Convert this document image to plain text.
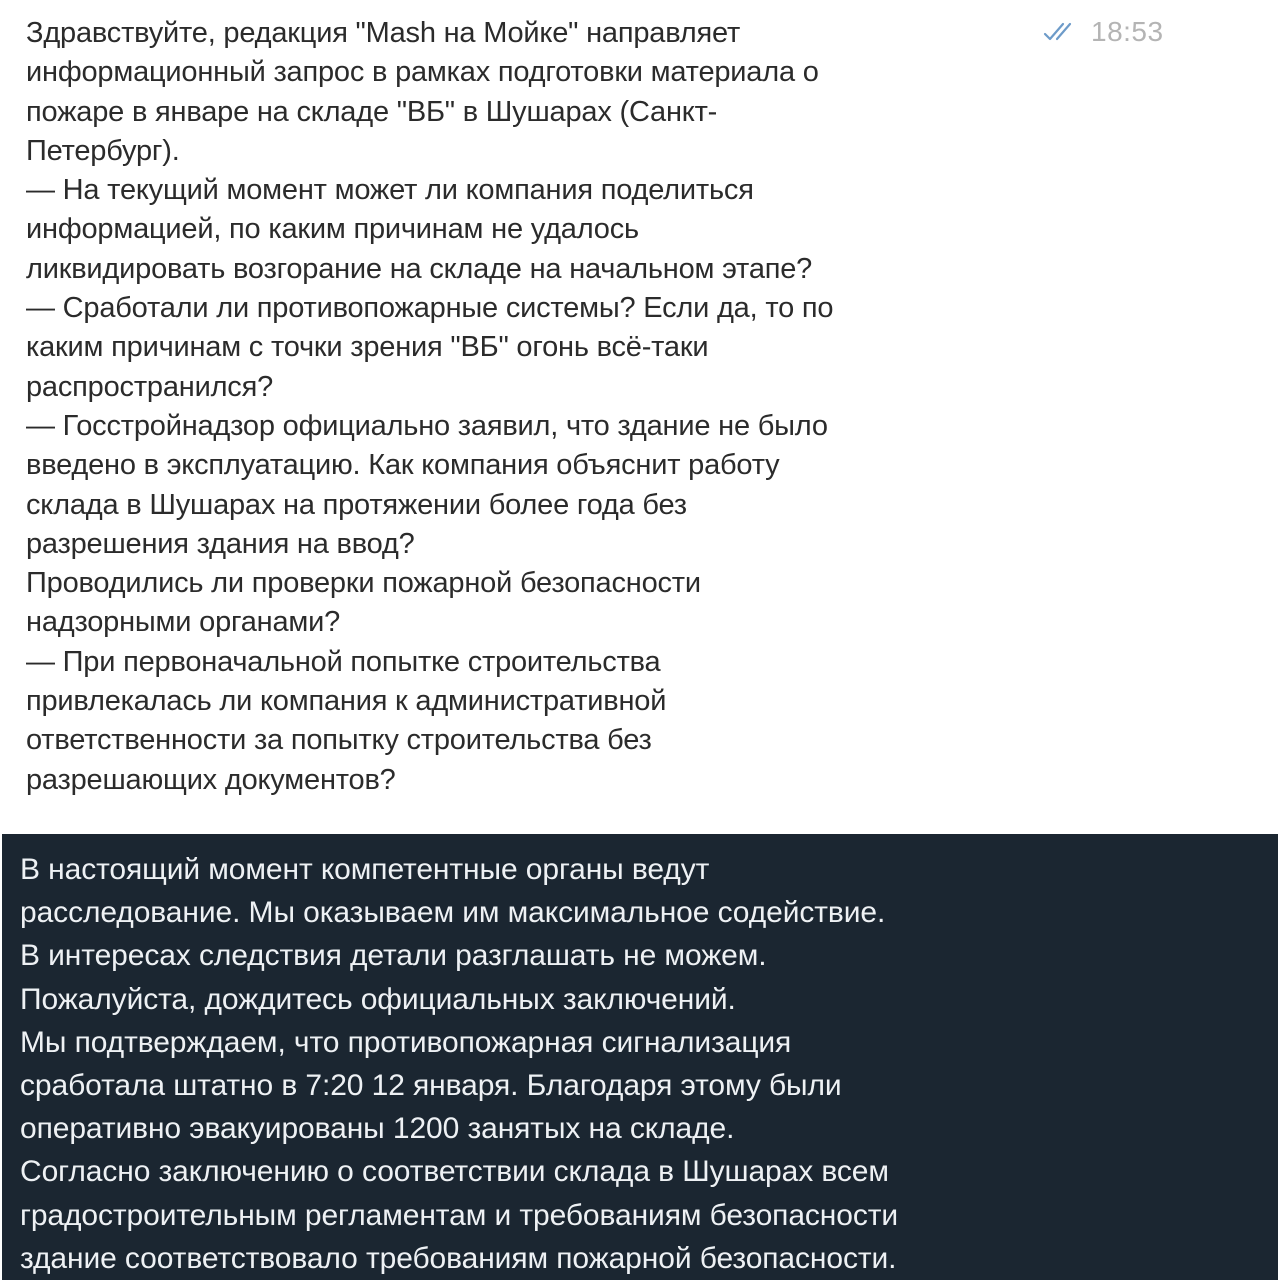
Здравствуйте, редакция "Mash на Мойке" направляет
информационный запрос в рамках подготовки материала о
пожаре в январе на складе "ВБ" в Шушарах (Санкт-
Петербург).
— На текущий момент может ли компания поделиться
информацией, по каким причинам не удалось
ликвидировать возгорание на складе на начальном этапе?
— Сработали ли противопожарные системы? Если да, то по
каким причинам с точки зрения "ВБ" огонь всё-таки
распространился?
— Госстройнадзор официально заявил, что здание не было
введено в эксплуатацию. Как компания объяснит работу
склада в Шушарах на протяжении более года без
разрешения здания на ввод?
Проводились ли проверки пожарной безопасности
надзорными органами?
— При первоначальной попытке строительства
привлекалась ли компания к административной
ответственности за попытку строительства без
разрешающих документов?
18:53
В настоящий момент компетентные органы ведут
расследование. Мы оказываем им максимальное содействие.
В интересах следствия детали разглашать не можем.
Пожалуйста, дождитесь официальных заключений.
Мы подтверждаем, что противопожарная сигнализация
сработала штатно в 7:20 12 января. Благодаря этому были
оперативно эвакуированы 1200 занятых на складе.
Согласно заключению о соответствии склада в Шушарах всем
градостроительным регламентам и требованиям безопасности
здание соответствовало требованиям пожарной безопасности.
